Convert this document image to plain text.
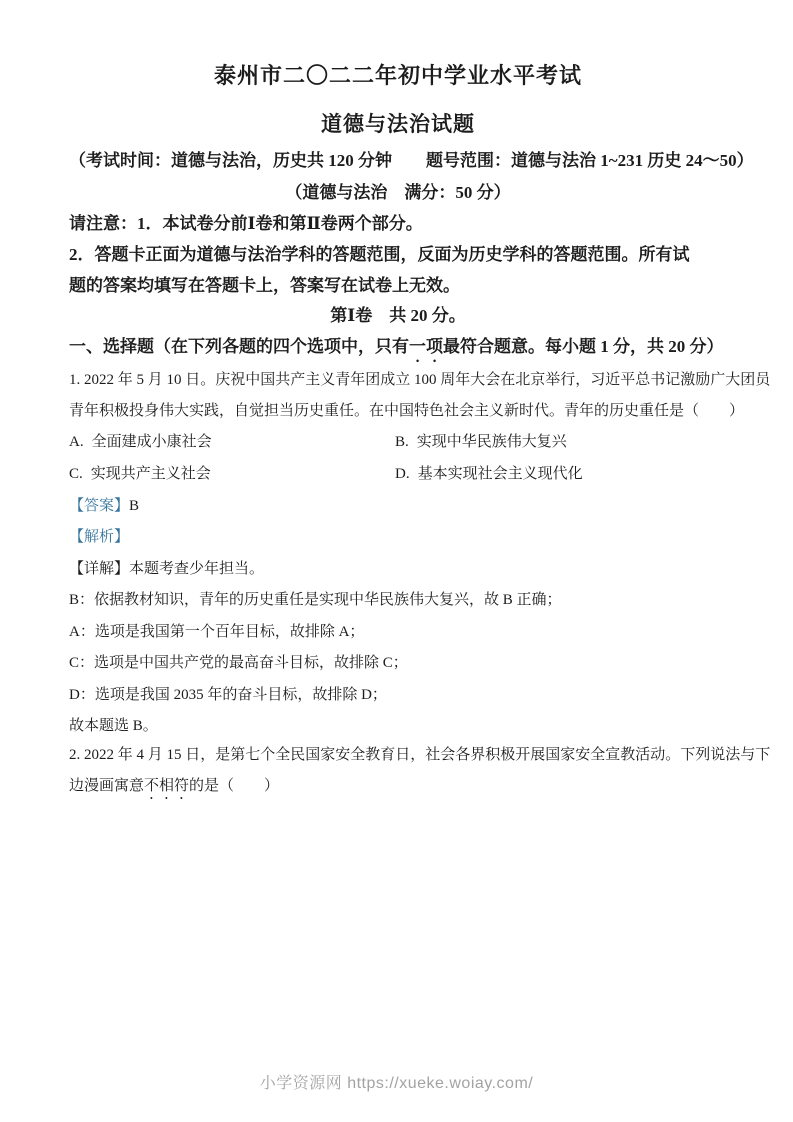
泰州市二〇二二年初中学业水平考试
道德与法治试题
（考试时间：道德与法治，历史共 120 分钟　　题号范围：道德与法治 1~231 历史 24～50）
（道德与法治　满分：50 分）
请注意：1．本试卷分前Ⅰ卷和第Ⅱ卷两个部分。
2．答题卡正面为道德与法治学科的答题范围，反面为历史学科的答题范围。所有试
题的答案均填写在答题卡上，答案写在试卷上无效。
第Ⅰ卷　共 20 分。
一、选择题（在下列各题的四个选项中，只有一项最符合题意。每小题 1 分，共 20 分）
1. 2022 年 5 月 10 日。庆祝中国共产主义青年团成立 100 周年大会在北京举行，习近平总书记激励广大团员
青年积极投身伟大实践，自觉担当历史重任。在中国特色社会主义新时代。青年的历史重任是（　　）
A. 全面建成小康社会	B. 实现中华民族伟大复兴
C. 实现共产主义社会	D. 基本实现社会主义现代化
【答案】B
【解析】
【详解】本题考查少年担当。
B：依据教材知识，青年的历史重任是实现中华民族伟大复兴，故 B 正确；
A：选项是我国第一个百年目标，故排除 A；
C：选项是中国共产党的最高奋斗目标，故排除 C；
D：选项是我国 2035 年的奋斗目标，故排除 D；
故本题选 B。
2. 2022 年 4 月 15 日，是第七个全民国家安全教育日，社会各界积极开展国家安全宣教活动。下列说法与下
边漫画寓意不相符的是（　　）
小学资源网 https://xueke.woiay.com/
